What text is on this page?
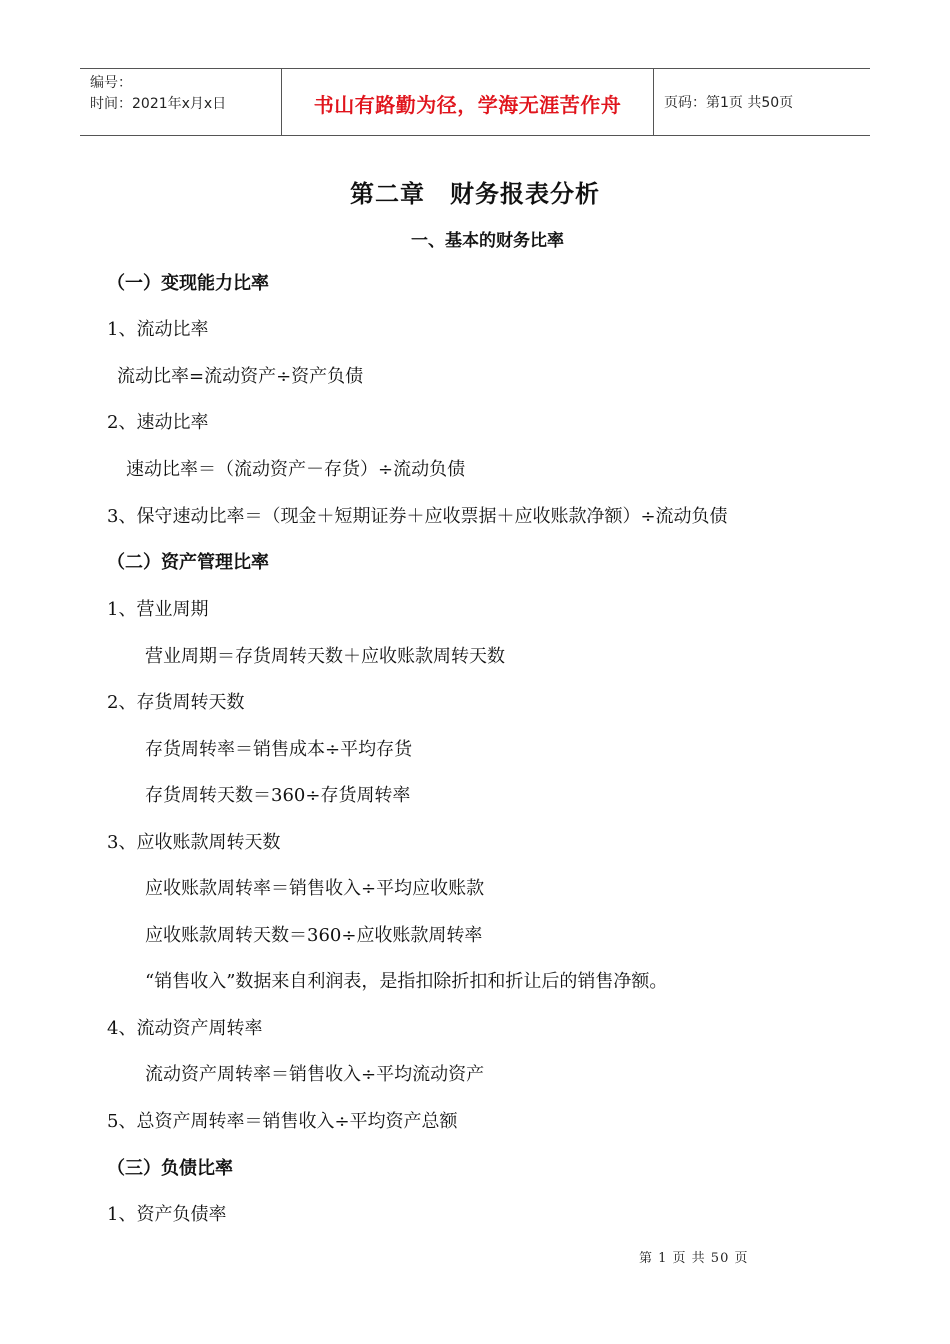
编号：
时间：2021年x月x日	书山有路勤为径，学海无涯苦作舟	页码：第1页 共50页
第二章　财务报表分析
一、基本的财务比率
（一）变现能力比率
1、流动比率
流动比率=流动资产÷资产负债
2、速动比率
速动比率＝（流动资产－存货）÷流动负债
3、保守速动比率＝（现金＋短期证券＋应收票据＋应收账款净额）÷流动负债
（二）资产管理比率
1、营业周期
营业周期＝存货周转天数＋应收账款周转天数
2、存货周转天数
存货周转率＝销售成本÷平均存货
存货周转天数＝360÷存货周转率
3、应收账款周转天数
应收账款周转率＝销售收入÷平均应收账款
应收账款周转天数＝360÷应收账款周转率
“销售收入”数据来自利润表，是指扣除折扣和折让后的销售净额。
4、流动资产周转率
流动资产周转率＝销售收入÷平均流动资产
5、总资产周转率＝销售收入÷平均资产总额
（三）负债比率
1、资产负债率
第 1 页 共 50 页
